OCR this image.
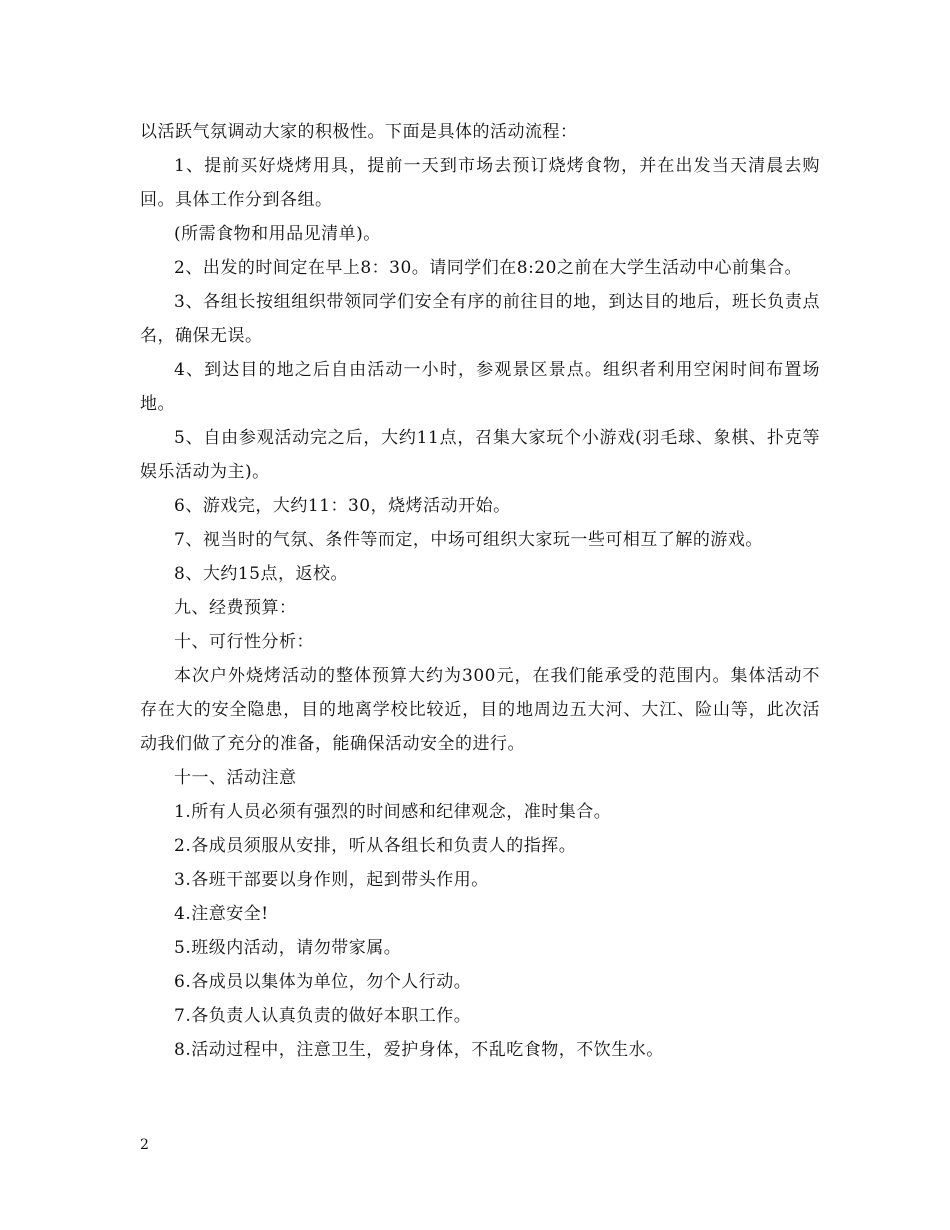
以活跃气氛调动大家的积极性。下面是具体的活动流程：

1、提前买好烧烤用具，提前一天到市场去预订烧烤食物，并在出发当天清晨去购回。具体工作分到各组。

(所需食物和用品见清单)。

2、出发的时间定在早上8：30。请同学们在8:20之前在大学生活动中心前集合。

3、各组长按组组织带领同学们安全有序的前往目的地，到达目的地后，班长负责点名，确保无误。

4、到达目的地之后自由活动一小时，参观景区景点。组织者利用空闲时间布置场地。

5、自由参观活动完之后，大约11点，召集大家玩个小游戏(羽毛球、象棋、扑克等娱乐活动为主)。

6、游戏完，大约11：30，烧烤活动开始。

7、视当时的气氛、条件等而定，中场可组织大家玩一些可相互了解的游戏。

8、大约15点，返校。

九、经费预算：

十、可行性分析：

本次户外烧烤活动的整体预算大约为300元，在我们能承受的范围内。集体活动不存在大的安全隐患，目的地离学校比较近，目的地周边五大河、大江、险山等，此次活动我们做了充分的准备，能确保活动安全的进行。

十一、活动注意

1.所有人员必须有强烈的时间感和纪律观念，准时集合。

2.各成员须服从安排，听从各组长和负责人的指挥。

3.各班干部要以身作则，起到带头作用。

4.注意安全!

5.班级内活动，请勿带家属。

6.各成员以集体为单位，勿个人行动。

7.各负责人认真负责的做好本职工作。

8.活动过程中，注意卫生，爱护身体，不乱吃食物，不饮生水。

2
